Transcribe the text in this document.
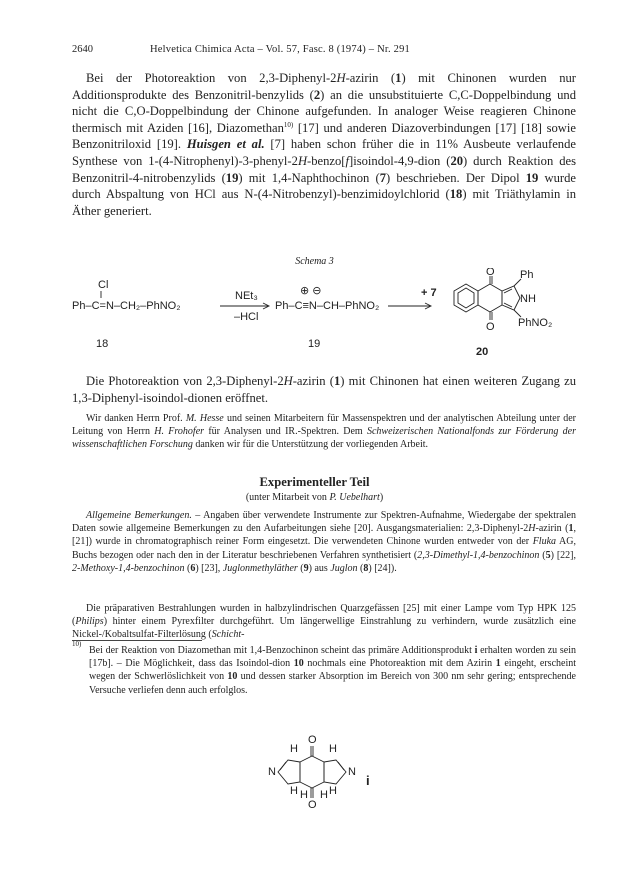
2640	Helvetica Chimica Acta – Vol. 57, Fasc. 8 (1974) – Nr. 291
Bei der Photoreaktion von 2,3-Diphenyl-2H-azirin (1) mit Chinonen wurden nur Additionsprodukte des Benzonitril-benzylids (2) an die unsubstituierte C,C-Doppelbindung und nicht die C,O-Doppelbindung der Chinone aufgefunden. In analoger Weise reagieren Chinone thermisch mit Aziden [16], Diazomethan$^{10)}$ [17] und anderen Diazoverbindungen [17] [18] sowie Benzonitriloxid [19]. Huisgen et al. [7] haben schon früher die in 11% Ausbeute verlaufende Synthese von 1-(4-Nitrophenyl)-3-phenyl-2H-benzo[f]isoindol-4,9-dion (20) durch Reaktion des Benzonitril-4-nitrobenzylids (19) mit 1,4-Naphthochinon (7) beschrieben. Der Dipol 19 wurde durch Abspaltung von HCl aus N-(4-Nitrobenzyl)-benzimidoylchlorid (18) mit Triäthylamin in Äther generiert.
Schema 3
Cl
Ph–C=N–CH₂–PhNO₂
18
NEt₃
–HCl
⊕ ⊖
Ph–C≡N–CH–PhNO₂
19
+ 7
O Ph
NH
O PhNO₂
20
Die Photoreaktion von 2,3-Diphenyl-2H-azirin (1) mit Chinonen hat einen weiteren Zugang zu 1,3-Diphenyl-isoindol-dionen eröffnet.
Wir danken Herrn Prof. M. Hesse und seinen Mitarbeitern für Massenspektren und der analytischen Abteilung unter der Leitung von Herrn H. Frohofer für Analysen und IR.-Spektren. Dem Schweizerischen Nationalfonds zur Förderung der wissenschaftlichen Forschung danken wir für die Unterstützung der vorliegenden Arbeit.
Experimenteller Teil
(unter Mitarbeit von P. Uebelhart)
Allgemeine Bemerkungen. – Angaben über verwendete Instrumente zur Spektren-Aufnahme, Wiedergabe der spektralen Daten sowie allgemeine Bemerkungen zu den Aufarbeitungen siehe [20]. Ausgangsmaterialien: 2,3-Diphenyl-2H-azirin (1, [21]) wurde in chromatographisch reiner Form eingesetzt. Die verwendeten Chinone wurden entweder von der Fluka AG, Buchs bezogen oder nach den in der Literatur beschriebenen Verfahren synthetisiert (2,3-Dimethyl-1,4-benzochinon (5) [22], 2-Methoxy-1,4-benzochinon (6) [23], Juglonmethyläther (9) aus Juglon (8) [24]).
Die präparativen Bestrahlungen wurden in halbzylindrischen Quarzgefässen [25] mit einer Lampe vom Typ HPK 125 (Philips) hinter einem Pyrexfilter durchgeführt. Um längerwellige Einstrahlung zu verhindern, wurde zusätzlich eine Nickel-/Kobaltsulfat-Filterlösung (Schicht-
10)
Bei der Reaktion von Diazomethan mit 1,4-Benzochinon scheint das primäre Additionsprodukt i erhalten worden zu sein [17b]. – Die Möglichkeit, dass das Isoindol-dion 10 nochmals eine Photoreaktion mit dem Azirin 1 eingeht, erscheint wegen der Schwerlöslichkeit von 10 und dessen starker Absorption im Bereich von 300 nm sehr gering; entsprechende Versuche verliefen denn auch erfolglos.
O
O
H	H
H H H H
N	N
i
